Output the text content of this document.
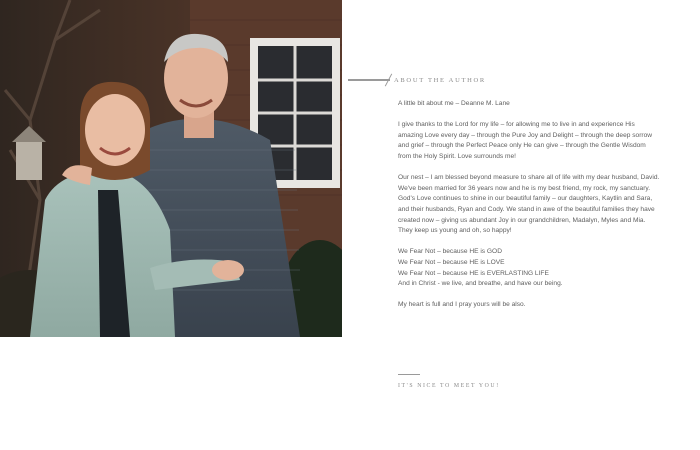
ABOUT THE AUTHOR

A little bit about me – Deanne M. Lane

I give thanks to the Lord for my life – for allowing me to live in and experience His amazing Love every day – through the Pure Joy and Delight – through the deep sorrow and grief – through the Perfect Peace only He can give – through the Gentle Wisdom from the Holy Spirit. Love surrounds me!

Our nest – I am blessed beyond measure to share all of life with my dear husband, David. We've been married for 36 years now and he is my best friend, my rock, my sanctuary. God's Love continues to shine in our beautiful family – our daughters, Kaytlin and Sara, and their husbands, Ryan and Cody. We stand in awe of the beautiful families they have created now – giving us abundant Joy in our grandchildren, Madalyn, Myles and Mia. They keep us young and oh, so happy!

We Fear Not – because HE is GOD
We Fear Not – because HE is LOVE
We Fear Not – because HE is EVERLASTING LIFE
And in Christ - we live, and breathe, and have our being.

My heart is full and I pray yours will be also.

IT'S NICE TO MEET YOU!
